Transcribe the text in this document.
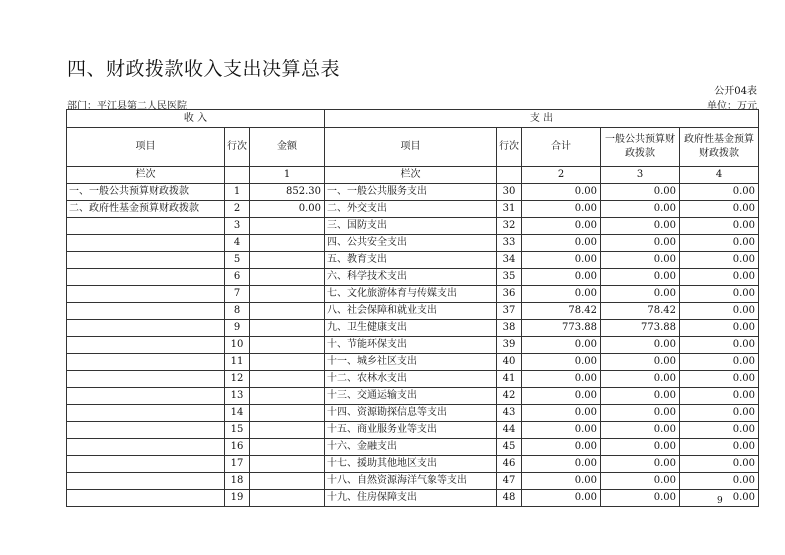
四、财政拨款收入支出决算总表
公开04表
部门：平江县第二人民医院	单位：万元
收 入			支 出				
项目	行次	金额	项目	行次	合计	一般公共预算财政拨款	政府性基金预算财政拨款
栏次		1	栏次		2	3	4
一、一般公共预算财政拨款	1	852.30	一、一般公共服务支出	30	0.00	0.00	0.00
二、政府性基金预算财政拨款	2	0.00	二、外交支出	31	0.00	0.00	0.00
	3		三、国防支出	32	0.00	0.00	0.00
	4		四、公共安全支出	33	0.00	0.00	0.00
	5		五、教育支出	34	0.00	0.00	0.00
	6		六、科学技术支出	35	0.00	0.00	0.00
	7		七、文化旅游体育与传媒支出	36	0.00	0.00	0.00
	8		八、社会保障和就业支出	37	78.42	78.42	0.00
	9		九、卫生健康支出	38	773.88	773.88	0.00
	10		十、节能环保支出	39	0.00	0.00	0.00
	11		十一、城乡社区支出	40	0.00	0.00	0.00
	12		十二、农林水支出	41	0.00	0.00	0.00
	13		十三、交通运输支出	42	0.00	0.00	0.00
	14		十四、资源勘探信息等支出	43	0.00	0.00	0.00
	15		十五、商业服务业等支出	44	0.00	0.00	0.00
	16		十六、金融支出	45	0.00	0.00	0.00
	17		十七、援助其他地区支出	46	0.00	0.00	0.00
	18		十八、自然资源海洋气象等支出	47	0.00	0.00	0.00
	19		十九、住房保障支出	48	0.00	0.00	0.00
9
